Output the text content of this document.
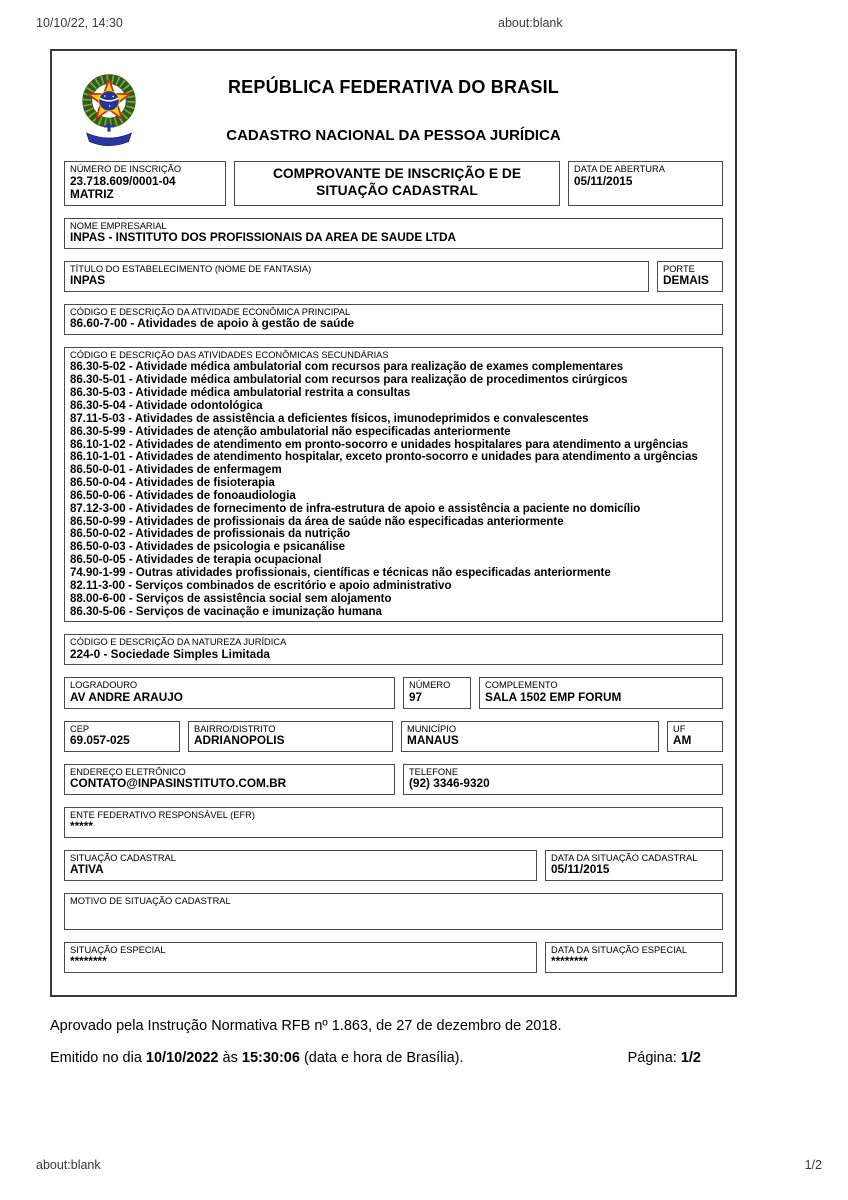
10/10/22, 14:30	about:blank
REPÚBLICA FEDERATIVA DO BRASIL
CADASTRO NACIONAL DA PESSOA JURÍDICA
NÚMERO DE INSCRIÇÃO
23.718.609/0001-04
MATRIZ
COMPROVANTE DE INSCRIÇÃO E DE SITUAÇÃO CADASTRAL
DATA DE ABERTURA
05/11/2015
NOME EMPRESARIAL
INPAS - INSTITUTO DOS PROFISSIONAIS DA AREA DE SAUDE LTDA
TÍTULO DO ESTABELECIMENTO (NOME DE FANTASIA)
INPAS
PORTE
DEMAIS
CÓDIGO E DESCRIÇÃO DA ATIVIDADE ECONÔMICA PRINCIPAL
86.60-7-00 - Atividades de apoio à gestão de saúde
CÓDIGO E DESCRIÇÃO DAS ATIVIDADES ECONÔMICAS SECUNDÁRIAS
86.30-5-02 - Atividade médica ambulatorial com recursos para realização de exames complementares
86.30-5-01 - Atividade médica ambulatorial com recursos para realização de procedimentos cirúrgicos
86.30-5-03 - Atividade médica ambulatorial restrita a consultas
86.30-5-04 - Atividade odontológica
87.11-5-03 - Atividades de assistência a deficientes físicos, imunodeprimidos e convalescentes
86.30-5-99 - Atividades de atenção ambulatorial não especificadas anteriormente
86.10-1-02 - Atividades de atendimento em pronto-socorro e unidades hospitalares para atendimento a urgências
86.10-1-01 - Atividades de atendimento hospitalar, exceto pronto-socorro e unidades para atendimento a urgências
86.50-0-01 - Atividades de enfermagem
86.50-0-04 - Atividades de fisioterapia
86.50-0-06 - Atividades de fonoaudiologia
87.12-3-00 - Atividades de fornecimento de infra-estrutura de apoio e assistência a paciente no domicílio
86.50-0-99 - Atividades de profissionais da área de saúde não especificadas anteriormente
86.50-0-02 - Atividades de profissionais da nutrição
86.50-0-03 - Atividades de psicologia e psicanálise
86.50-0-05 - Atividades de terapia ocupacional
74.90-1-99 - Outras atividades profissionais, científicas e técnicas não especificadas anteriormente
82.11-3-00 - Serviços combinados de escritório e apoio administrativo
88.00-6-00 - Serviços de assistência social sem alojamento
86.30-5-06 - Serviços de vacinação e imunização humana
CÓDIGO E DESCRIÇÃO DA NATUREZA JURÍDICA
224-0 - Sociedade Simples Limitada
LOGRADOURO
AV ANDRE ARAUJO
NÚMERO
97
COMPLEMENTO
SALA 1502 EMP FORUM
CEP
69.057-025
BAIRRO/DISTRITO
ADRIANOPOLIS
MUNICÍPIO
MANAUS
UF
AM
ENDEREÇO ELETRÔNICO
CONTATO@INPASINSTITUTO.COM.BR
TELEFONE
(92) 3346-9320
ENTE FEDERATIVO RESPONSÁVEL (EFR)
*****
SITUAÇÃO CADASTRAL
ATIVA
DATA DA SITUAÇÃO CADASTRAL
05/11/2015
MOTIVO DE SITUAÇÃO CADASTRAL
SITUAÇÃO ESPECIAL
********
DATA DA SITUAÇÃO ESPECIAL
********
Aprovado pela Instrução Normativa RFB nº 1.863, de 27 de dezembro de 2018.
Emitido no dia 10/10/2022 às 15:30:06 (data e hora de Brasília).	Página: 1/2
about:blank	1/2
